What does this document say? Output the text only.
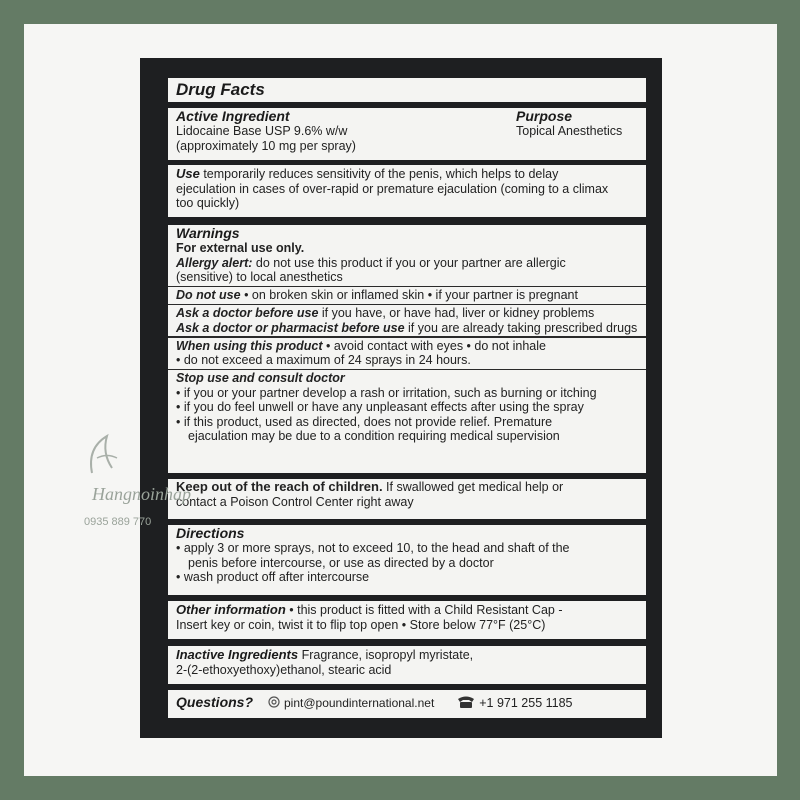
Drug Facts
Active Ingredient
Lidocaine Base USP 9.6% w/w
(approximately 10 mg per spray)
Purpose
Topical Anesthetics
Use temporarily reduces sensitivity of the penis, which helps to delay
ejeculation in cases of over-rapid or premature ejaculation (coming to a climax
too quickly)
Warnings
For external use only.
Allergy alert: do not use this product if you or your partner are allergic
(sensitive) to local anesthetics
Do not use • on broken skin or inflamed skin • if your partner is pregnant
Ask a doctor before use if you have, or have had, liver or kidney problems
Ask a doctor or pharmacist before use if you are already taking prescribed drugs
When using this product • avoid contact with eyes • do not inhale
• do not exceed a maximum of 24 sprays in 24 hours.
Stop use and consult doctor
• if you or your partner develop a rash or irritation, such as burning or itching
• if you do feel unwell or have any unpleasant effects after using the spray
• if this product, used as directed, does not provide relief. Premature
ejaculation may be due to a condition requiring medical supervision
Keep out of the reach of children. If swallowed get medical help or
contact a Poison Control Center right away
Directions
• apply 3 or more sprays, not to exceed 10, to the head and shaft of the
penis before intercourse, or use as directed by a doctor
• wash product off after intercourse
Other information • this product is fitted with a Child Resistant Cap -
Insert key or coin, twist it to flip top open • Store below 77°F (25°C)
Inactive Ingredients Fragrance, isopropyl myristate,
2-(2-ethoxyethoxy)ethanol, stearic acid
Questions?	pint@poundinternational.net	+1 971 255 1185
Hangnoinhap
0935 889 770
